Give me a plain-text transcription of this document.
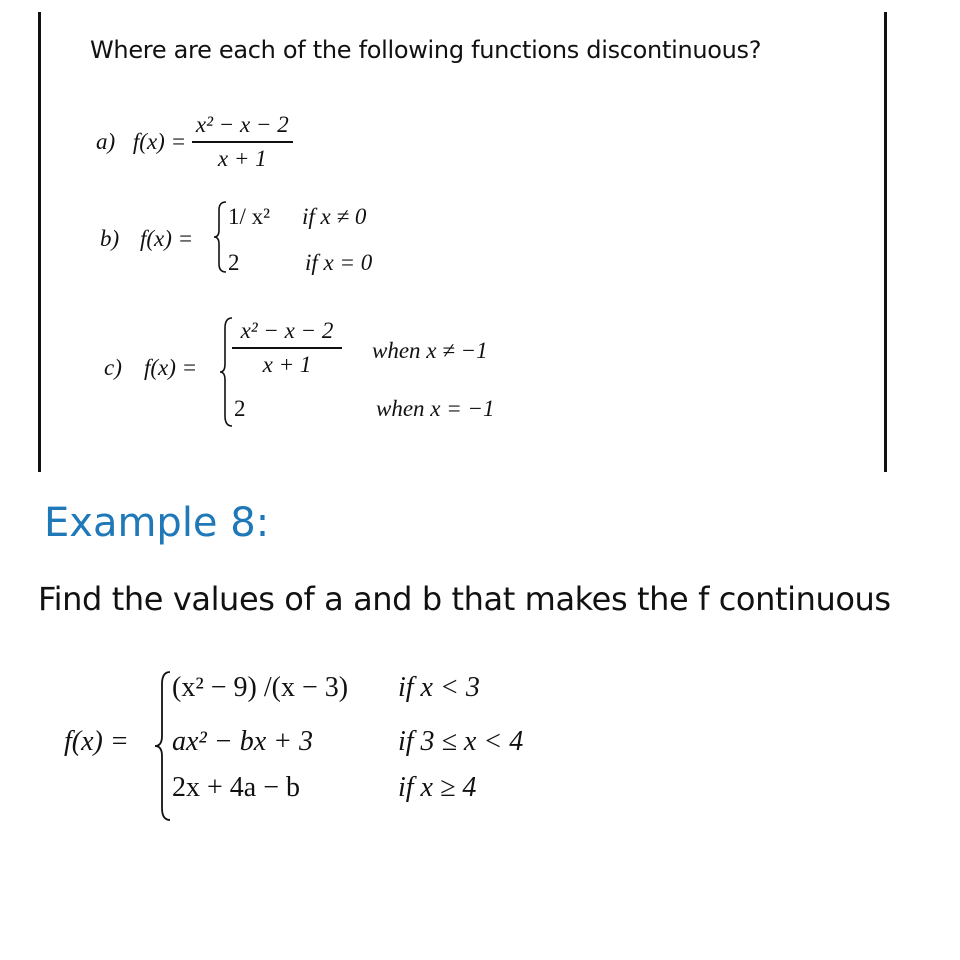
Where are each of the following functions discontinuous?
a) $f(x) = \frac{\text{x² − x − 2}}{x + 1}$
b) f(x) =
1/ x² if x ≠ 0
2	if x = 0
c) $f(x) = \frac{\text{x² − x − 2}}{x + 1}$ when x ≠ −1
2	when x = −1
Example 8:
Find the values of a and b that makes the f continuous
f(x) =
(x² − 9) /(x − 3) if x < 3
ax² − bx + 3	if 3 ≤ x < 4
2x + 4a − b	if x ≥ 4
